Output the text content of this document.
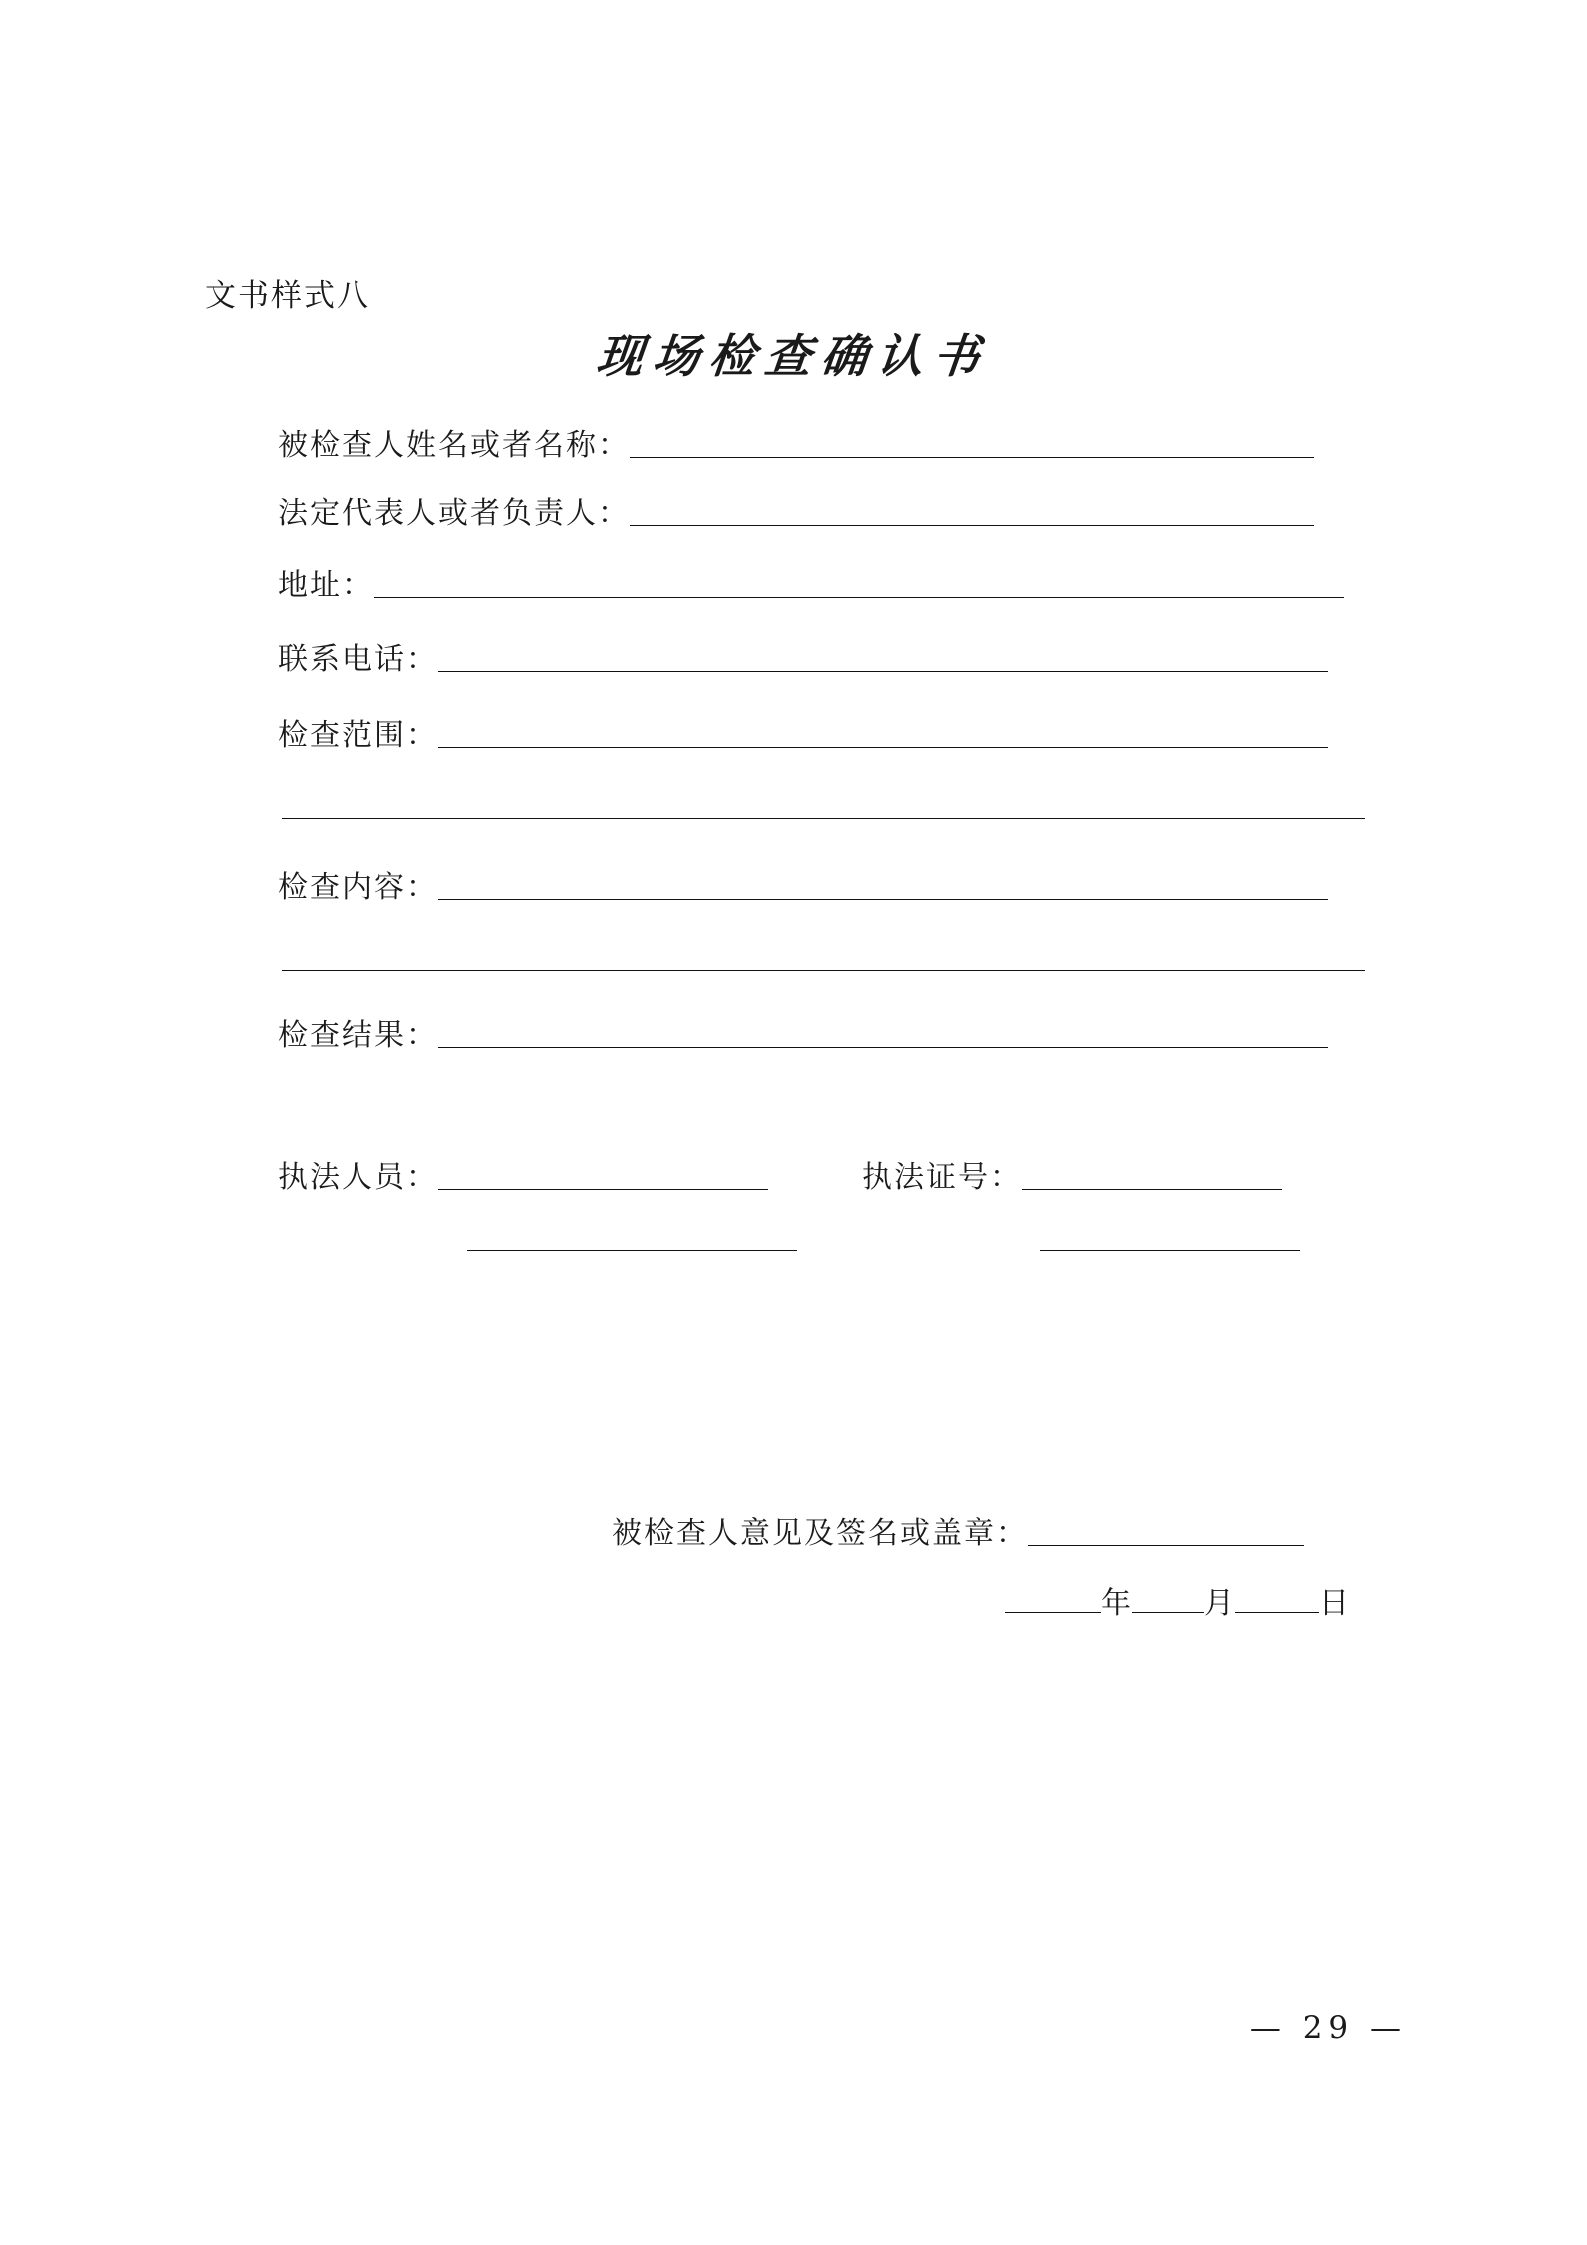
文书样式八
现场检查确认书
被检查人姓名或者名称：
法定代表人或者负责人：
地址：
联系电话：
检查范围：
检查内容：
检查结果：
执法人员：	执法证号：
被检查人意见及签名或盖章：
年 月	日
— 29 —
